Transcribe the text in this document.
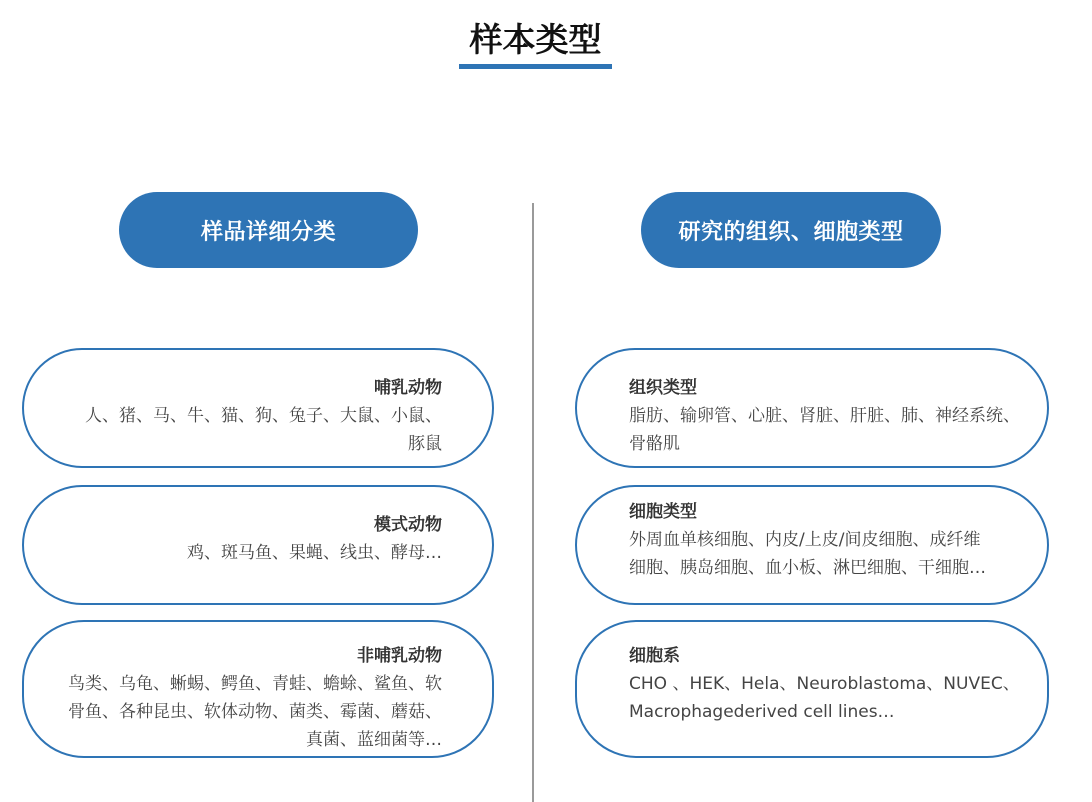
样本类型
样品详细分类	研究的组织、细胞类型
哺乳动物
人、猪、马、牛、猫、狗、兔子、大鼠、小鼠、
豚鼠
模式动物
鸡、斑马鱼、果蝇、线虫、酵母…
非哺乳动物
鸟类、乌龟、蜥蜴、鳄鱼、青蛙、蟾蜍、鲨鱼、软
骨鱼、各种昆虫、软体动物、菌类、霉菌、蘑菇、
真菌、蓝细菌等…
组织类型
脂肪、输卵管、心脏、肾脏、肝脏、肺、神经系统、
骨骼肌
细胞类型
外周血单核细胞、内皮/上皮/间皮细胞、成纤维
细胞、胰岛细胞、血小板、淋巴细胞、干细胞…
细胞系
CHO 、HEK、Hela、Neuroblastoma、NUVEC、
Macrophagederived cell lines…
